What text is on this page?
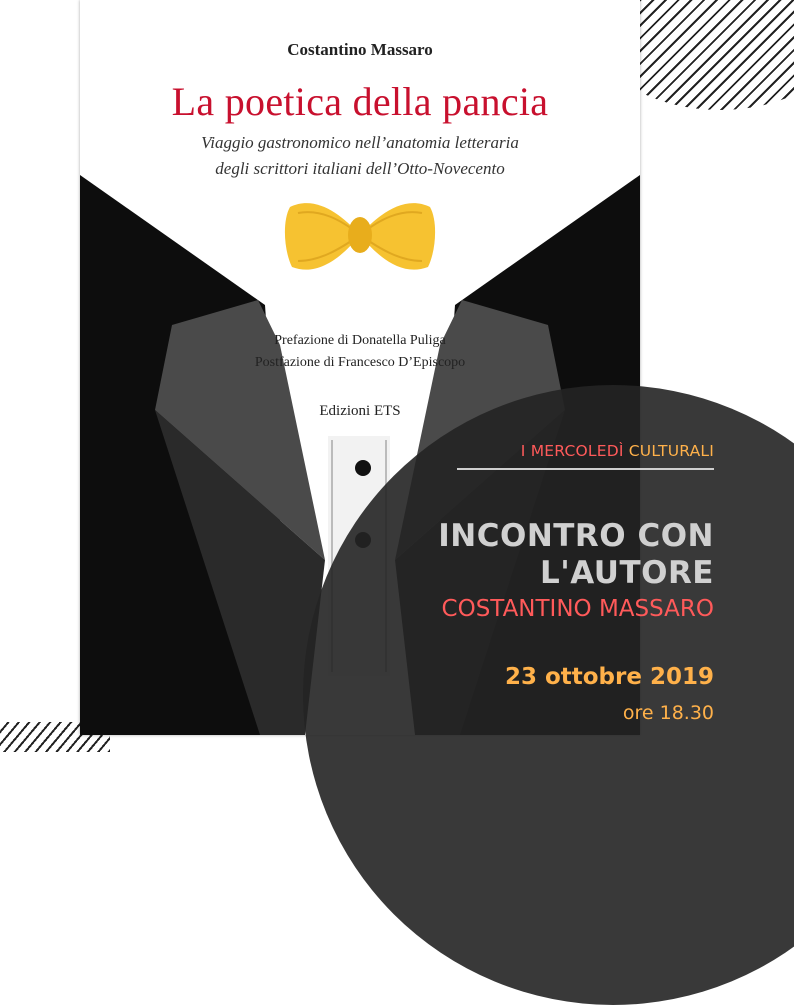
Costantino Massaro
La poetica della pancia
Viaggio gastronomico nell’anatomia letteraria
degli scrittori italiani dell’Otto-Novecento
Prefazione di Donatella Puliga
Postfazione di Francesco D’Episcopo
Edizioni ETS
I MERCOLEDÌ CULTURALI
INCONTRO CON
L'AUTORE
COSTANTINO MASSARO
23 ottobre 2019
ore 18.30
